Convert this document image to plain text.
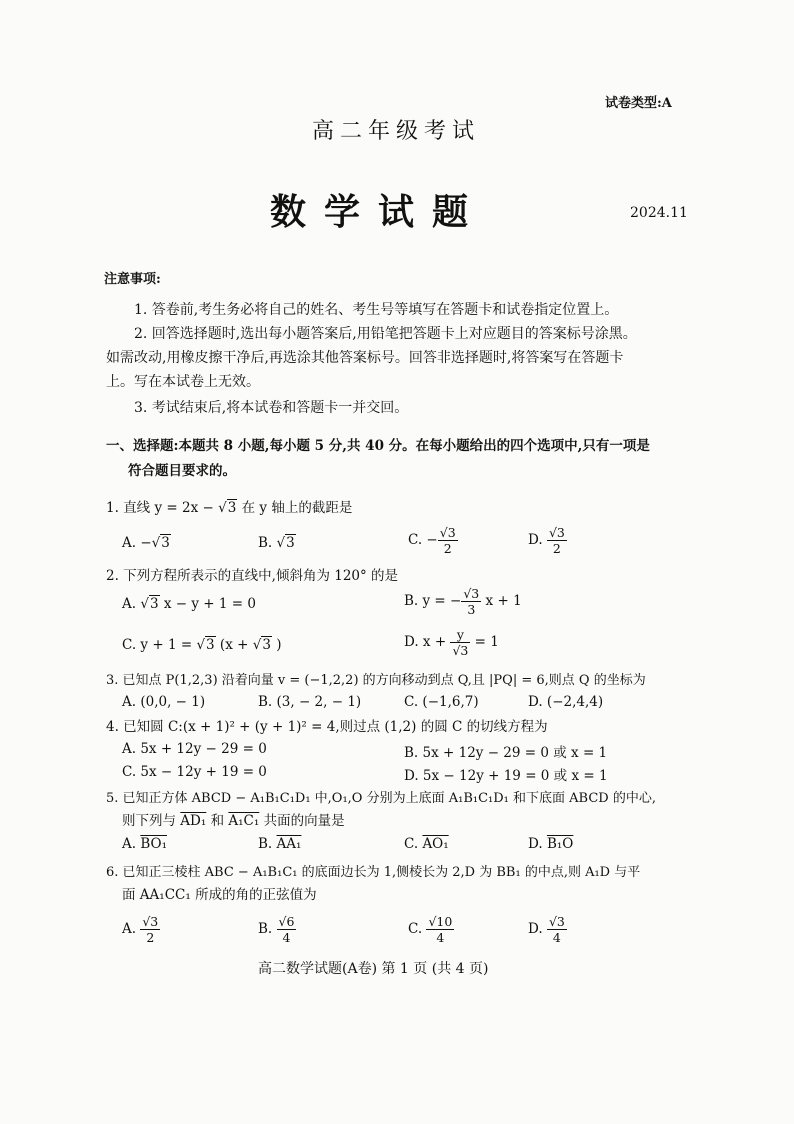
试卷类型:A
高二年级考试
数学试题	2024.11
注意事项:
1. 答卷前,考生务必将自己的姓名、考生号等填写在答题卡和试卷指定位置上。
2. 回答选择题时,选出每小题答案后,用铅笔把答题卡上对应题目的答案标号涂黑。
如需改动,用橡皮擦干净后,再选涂其他答案标号。回答非选择题时,将答案写在答题卡
上。写在本试卷上无效。
3. 考试结束后,将本试卷和答题卡一并交回。
一、选择题:本题共 8 小题,每小题 5 分,共 40 分。在每小题给出的四个选项中,只有一项是
符合题目要求的。
1. 直线 y = 2x − √3 在 y 轴上的截距是
A. −√3	B. √3	C. − $\frac{√3}{2}$	D. $\frac{√3}{2}$
2. 下列方程所表示的直线中,倾斜角为 120° 的是
A. √3 x − y + 1 = 0	B. y = − $\frac{√3}{3}$ x + 1
C. y + 1 = √3 (x + √3 )	D. $x + \frac{y}{√3} = 1$
3. 已知点 P(1,2,3) 沿着向量 v = (−1,2,2) 的方向移动到点 Q,且 |PQ| = 6,则点 Q 的坐标为
A. (0,0, − 1)	B. (3, − 2, − 1)	C. (−1,6,7)	D. (−2,4,4)
4. 已知圆 C:(x + 1)² + (y + 1)² = 4,则过点 (1,2) 的圆 C 的切线方程为
A. 5x + 12y − 29 = 0	B. 5x + 12y − 29 = 0 或 x = 1
C. 5x − 12y + 19 = 0	D. 5x − 12y + 19 = 0 或 x = 1
5. 已知正方体 ABCD − A₁B₁C₁D₁ 中,O₁,O 分别为上底面 A₁B₁C₁D₁ 和下底面 ABCD 的中心,
则下列与 AD₁ 和 A₁C₁ 共面的向量是
A. BO₁	B. AA₁	C. AO₁	D. B₁O
6. 已知正三棱柱 ABC − A₁B₁C₁ 的底面边长为 1,侧棱长为 2,D 为 BB₁ 的中点,则 A₁D 与平
面 AA₁CC₁ 所成的角的正弦值为
A. $\frac{√3}{2}$	B. $\frac{√6}{4}$	C. $\frac{√10}{4}$	D. $\frac{√3}{4}$
高二数学试题(A卷) 第 1 页 (共 4 页)
